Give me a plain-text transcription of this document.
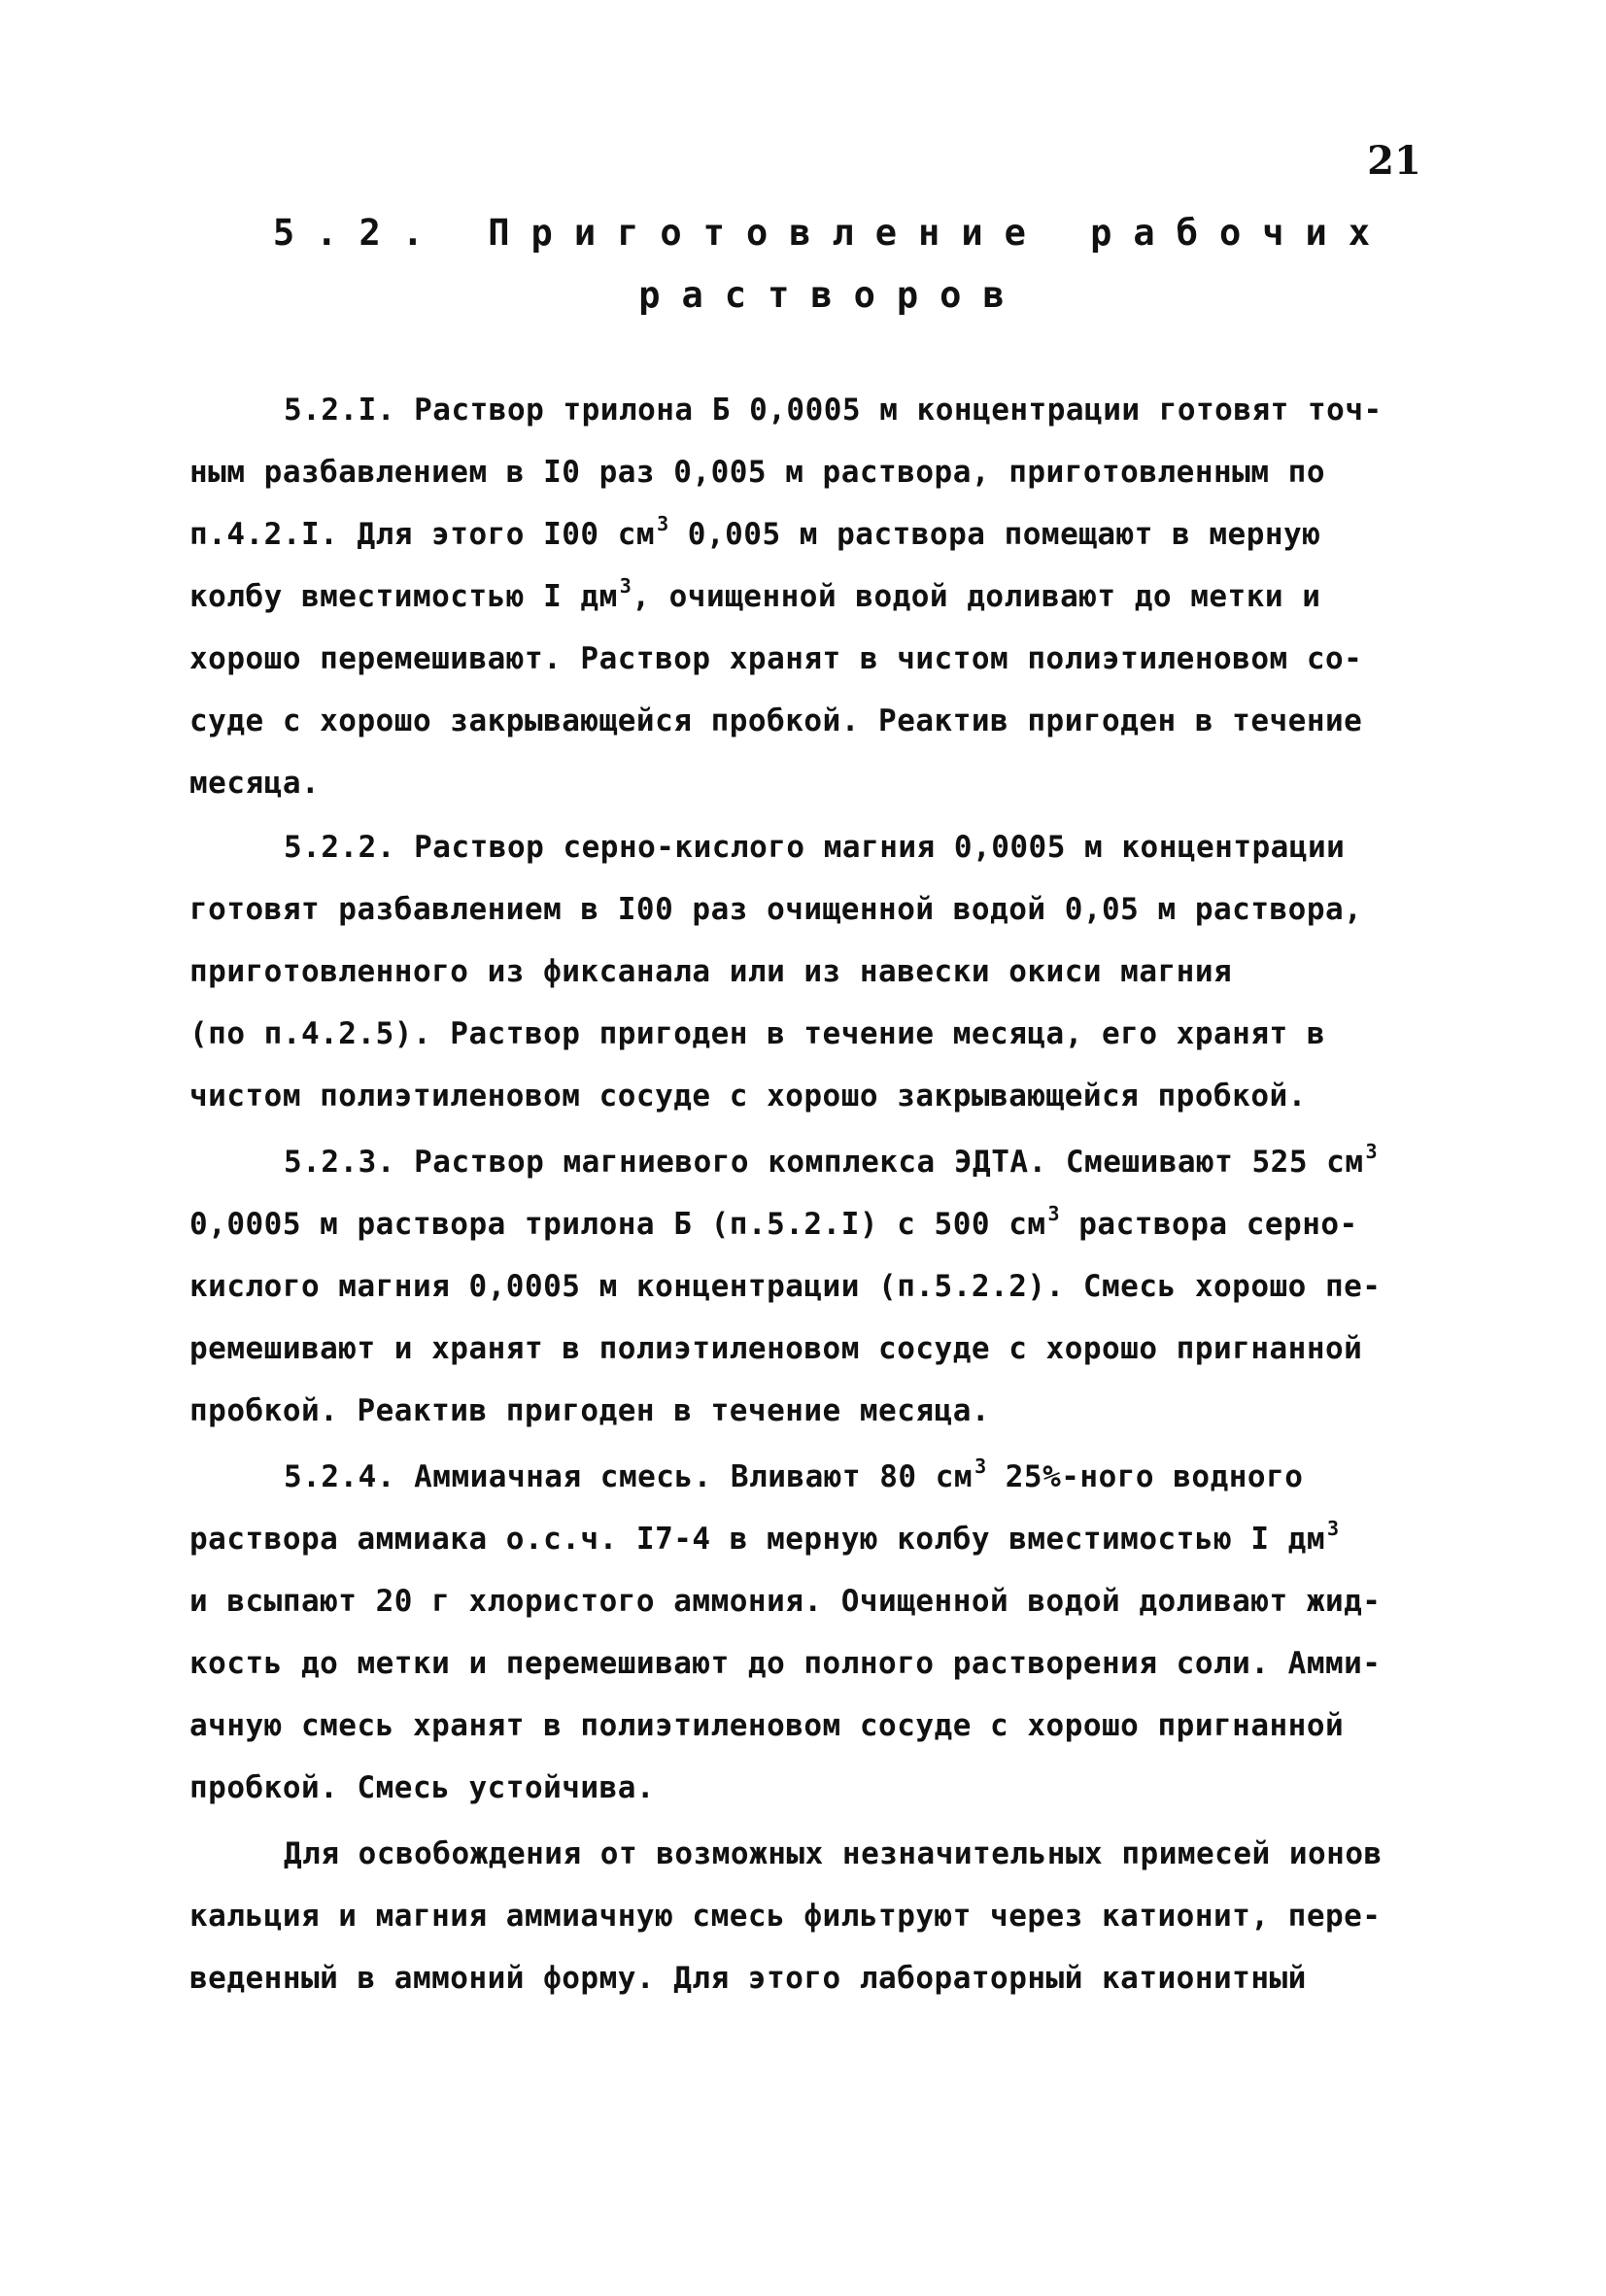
21
5.2. Приготовление рабочих
растворов
5.2.I. Раствор трилона Б 0,0005 м концентрации готовят точ-
ным разбавлением в I0 раз 0,005 м раствора, приготовленным по
п.4.2.I. Для этого I00 см $^3$ 0,005 м раствора помещают в мерную
колбу вместимостью I дм $^3$, очищенной водой доливают до метки и
хорошо перемешивают. Раствор хранят в чистом полиэтиленовом со-
суде с хорошо закрывающейся пробкой. Реактив пригоден в течение
месяца.
5.2.2. Раствор серно-кислого магния 0,0005 м концентрации
готовят разбавлением в I00 раз очищенной водой 0,05 м раствора,
приготовленного из фиксанала или из навески окиси магния
(по п.4.2.5). Раствор пригоден в течение месяца, его хранят в
чистом полиэтиленовом сосуде с хорошо закрывающейся пробкой.
5.2.3. Раствор магниевого комплекса ЭДТА. Смешивают 525 см $^3$
0,0005 м раствора трилона Б (п.5.2.I) с 500 см $^3$ раствора серно-
кислого магния 0,0005 м концентрации (п.5.2.2). Смесь хорошо пе-
ремешивают и хранят в полиэтиленовом сосуде с хорошо пригнанной
пробкой. Реактив пригоден в течение месяца.
5.2.4. Аммиачная смесь. Вливают 80 см $^3$ 25%-ного водного
раствора аммиака о.с.ч. I7-4 в мерную колбу вместимостью I дм $^3$
и всыпают 20 г хлористого аммония. Очищенной водой доливают жид-
кость до метки и перемешивают до полного растворения соли. Амми-
ачную смесь хранят в полиэтиленовом сосуде с хорошо пригнанной
пробкой. Смесь устойчива.
Для освобождения от возможных незначительных примесей ионов
кальция и магния аммиачную смесь фильтруют через катионит, пере-
веденный в аммоний форму. Для этого лабораторный катионитный
